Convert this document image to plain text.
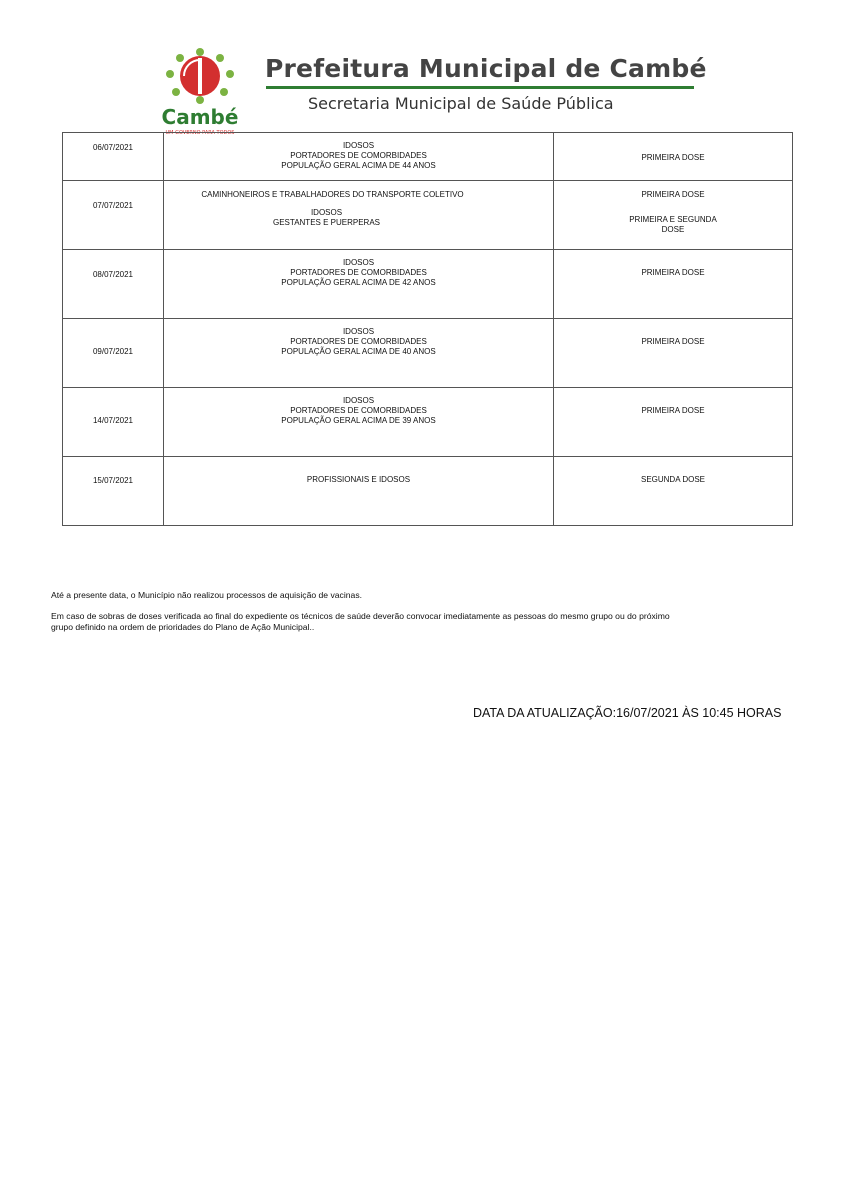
Cambé
UM GOVERNO PARA TODOS
Prefeitura Municipal de Cambé
Secretaria Municipal de Saúde Pública
06/07/2021	IDOSOS
PORTADORES DE COMORBIDADES
POPULAÇÃO GERAL ACIMA DE 44 ANOS	PRIMEIRA DOSE

07/07/2021	CAMINHONEIROS E TRABALHADORES DO TRANSPORTE COLETIVO
IDOSOS
GESTANTES E PUERPERAS	PRIMEIRA DOSE
PRIMEIRA E SEGUNDA
DOSE

08/07/2021	IDOSOS
PORTADORES DE COMORBIDADES
POPULAÇÃO GERAL ACIMA DE 42 ANOS	PRIMEIRA DOSE

09/07/2021	IDOSOS
PORTADORES DE COMORBIDADES
POPULAÇÃO GERAL ACIMA DE 40 ANOS	PRIMEIRA DOSE

14/07/2021	IDOSOS
PORTADORES DE COMORBIDADES
POPULAÇÃO GERAL ACIMA DE 39 ANOS	PRIMEIRA DOSE

15/07/2021	PROFISSIONAIS E IDOSOS	SEGUNDA DOSE
Até a presente data, o Município não realizou processos de aquisição de vacinas.
Em caso de sobras de doses verificada ao final do expediente os técnicos de saúde deverão convocar imediatamente as pessoas do mesmo grupo ou do próximo
grupo definido na ordem de prioridades do Plano de Ação Municipal..
DATA DA ATUALIZAÇÃO:16/07/2021 ÀS 10:45 HORAS
